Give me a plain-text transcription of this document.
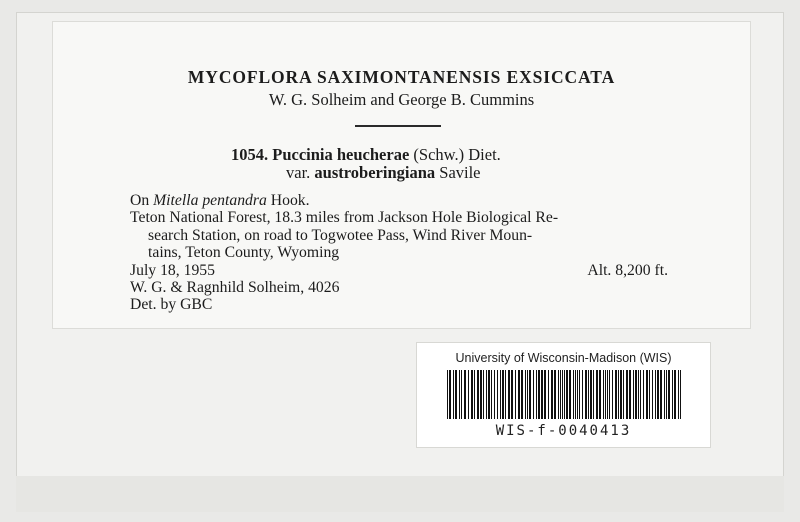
MYCOFLORA SAXIMONTANENSIS EXSICCATA
W. G. Solheim and George B. Cummins
1054. Puccinia heucherae (Schw.) Diet.
var. austroberingiana Savile
On Mitella pentandra Hook.
Teton National Forest, 18.3 miles from Jackson Hole Biological Re-
search Station, on road to Togwotee Pass, Wind River Moun-
tains, Teton County, Wyoming
July 18, 1955	Alt. 8,200 ft.
W. G. & Ragnhild Solheim, 4026
Det. by GBC
University of Wisconsin-Madison (WIS)
WIS-f-0040413
